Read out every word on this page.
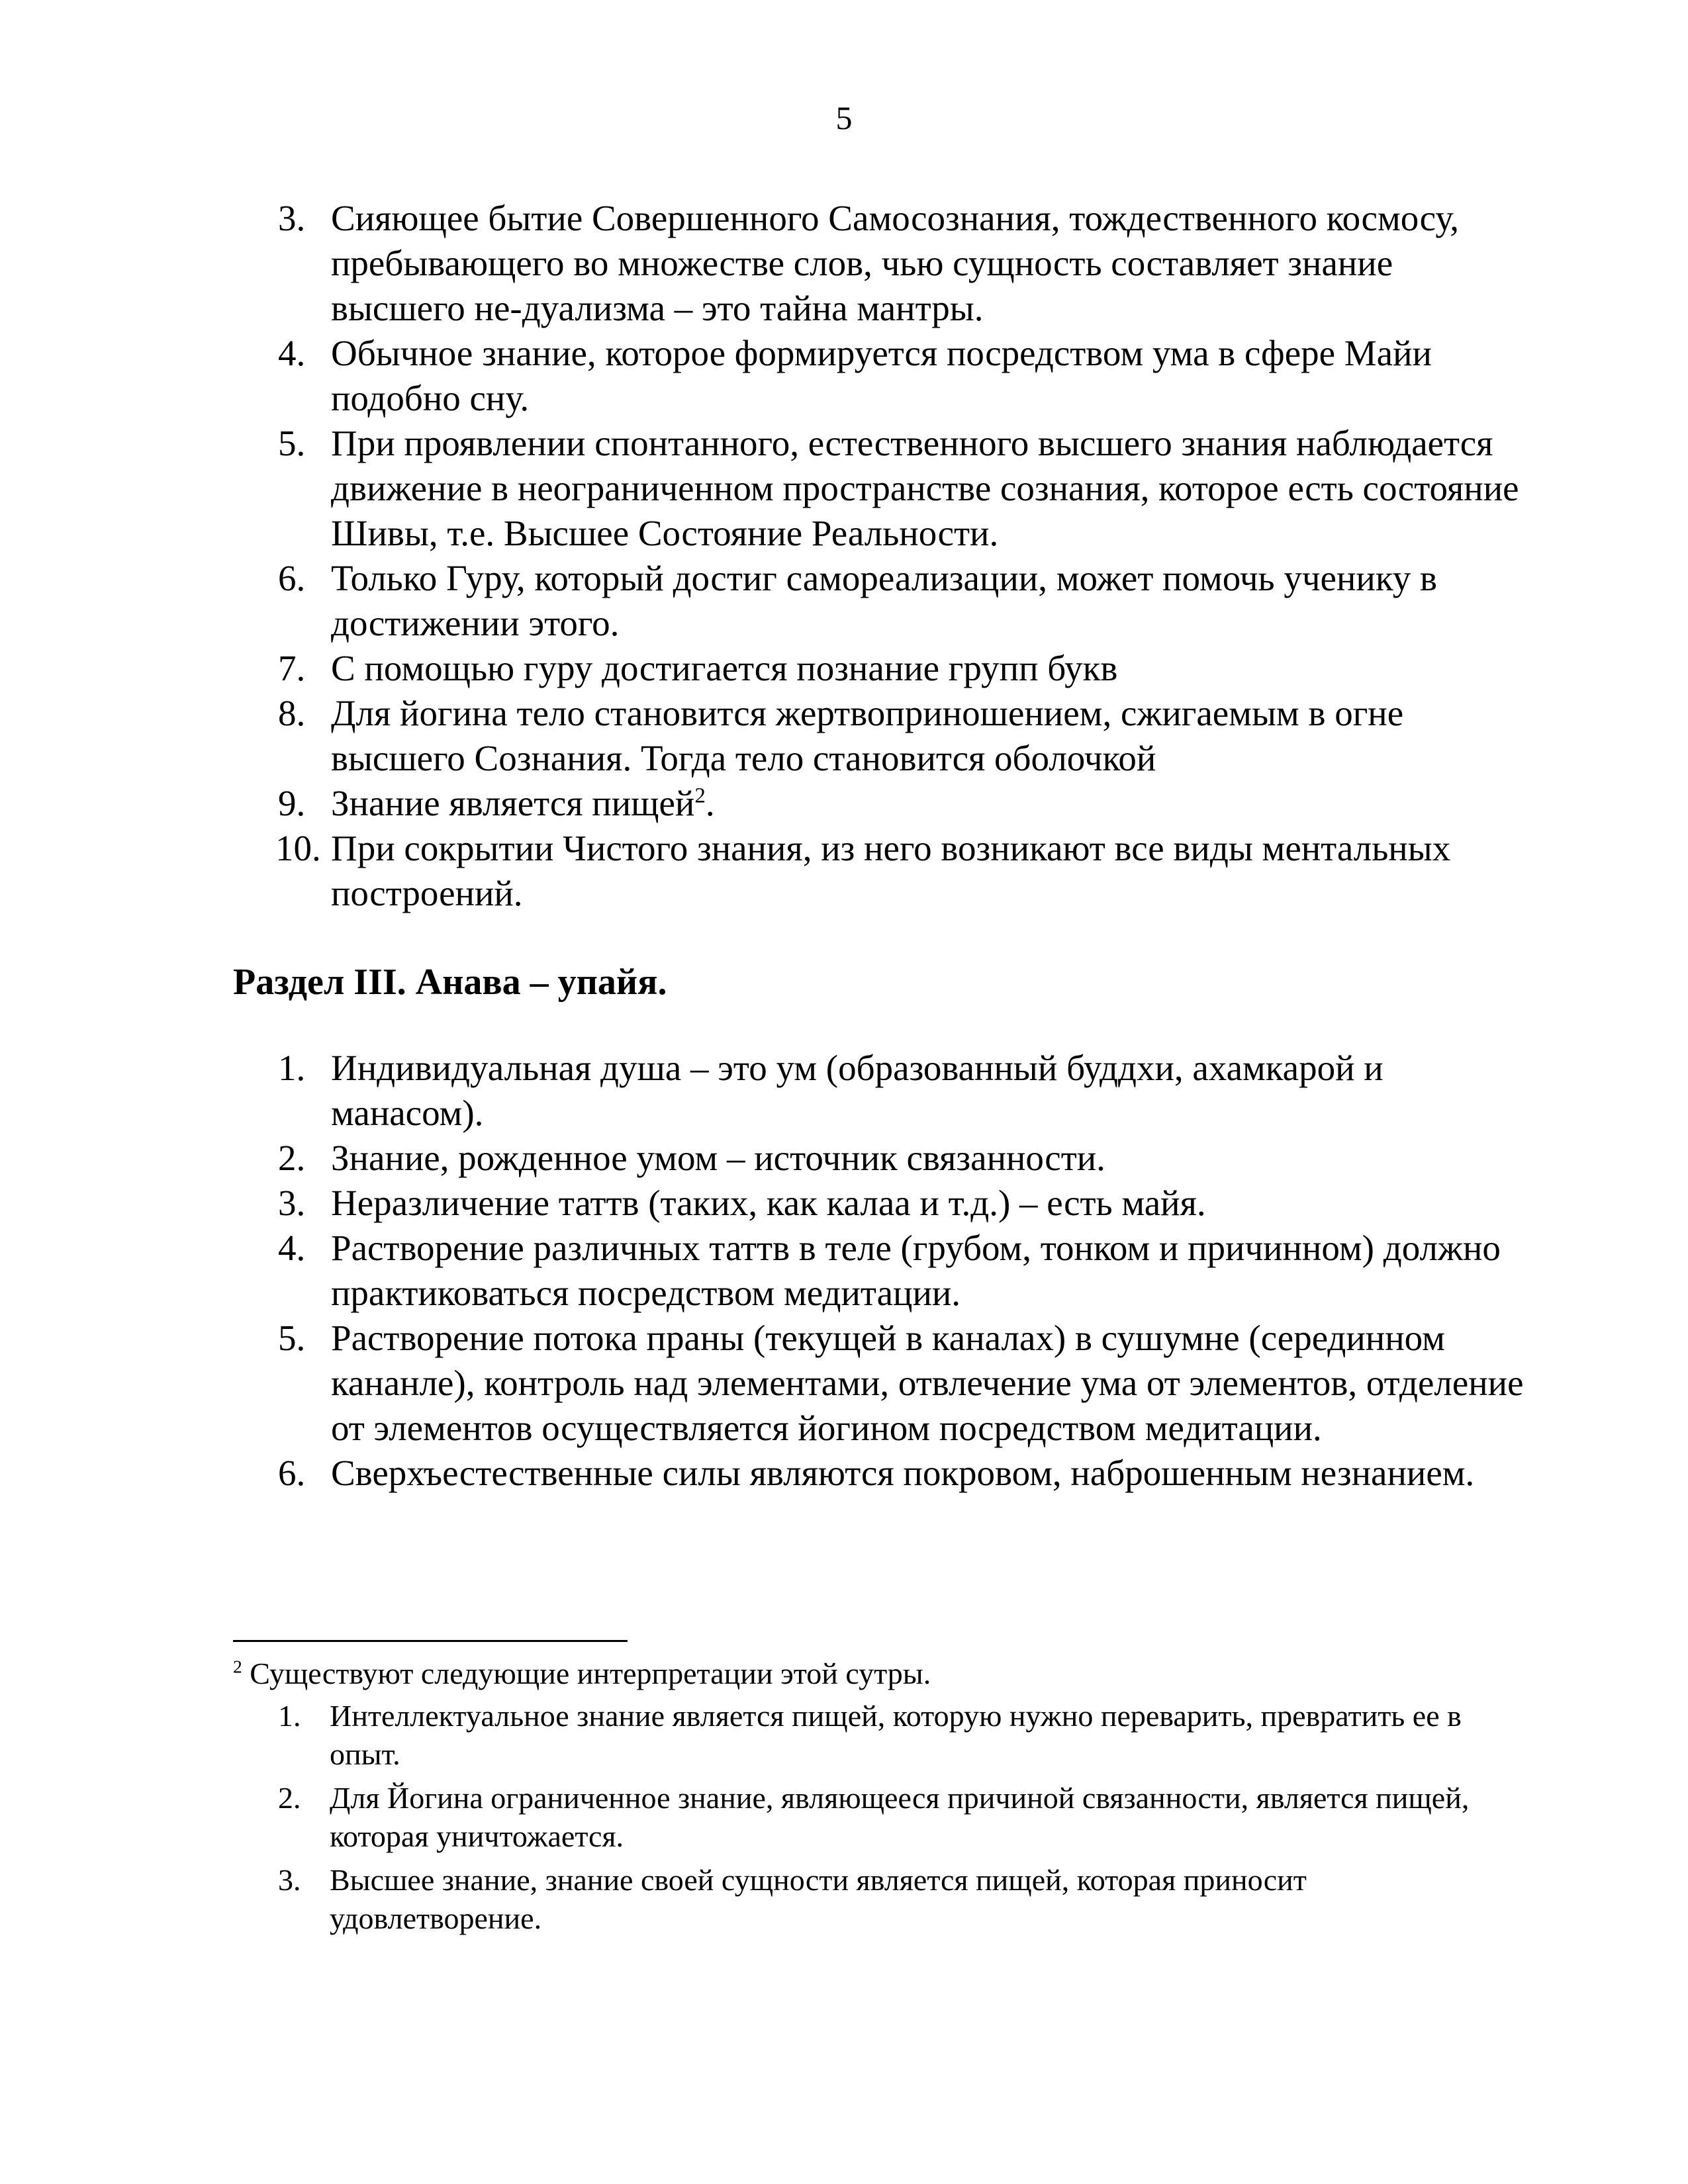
5
3. Сияющее бытие Совершенного Самосознания, тождественного космосу, пребывающего во множестве слов, чью сущность составляет знание высшего не-дуализма – это тайна мантры.
4. Обычное знание, которое формируется посредством ума в сфере Майи подобно сну.
5. При проявлении спонтанного, естественного высшего знания наблюдается движение в неограниченном пространстве сознания, которое есть состояние Шивы, т.е. Высшее Состояние Реальности.
6. Только Гуру, который достиг самореализации, может помочь ученику в достижении этого.
7. С помощью гуру достигается познание групп букв
8. Для йогина тело становится жертвоприношением, сжигаемым в огне высшего Сознания. Тогда тело становится оболочкой
9. Знание является пищей$^2$.
10. При сокрытии Чистого знания, из него возникают все виды ментальных построений.
Раздел III. Анава – упайя.
1. Индивидуальная душа – это ум (образованный буддхи, ахамкарой и манасом).
2. Знание, рожденное умом – источник связанности.
3. Неразличение таттв (таких, как калаа и т.д.) – есть майя.
4. Растворение различных таттв в теле (грубом, тонком и причинном) должно практиковаться посредством медитации.
5. Растворение потока праны (текущей в каналах) в сушумне (серединном кананле), контроль над элементами, отвлечение ума от элементов, отделение от элементов осуществляется йогином посредством медитации.
6. Сверхъестественные силы являются покровом, наброшенным незнанием.

$^2$ Существуют следующие интерпретации этой сутры.

1. Интеллектуальное знание является пищей, которую нужно переварить, превратить ее в опыт.
2. Для Йогина ограниченное знание, являющееся причиной связанности, является пищей, которая уничтожается.
3. Высшее знание, знание своей сущности является пищей, которая приносит удовлетворение.
